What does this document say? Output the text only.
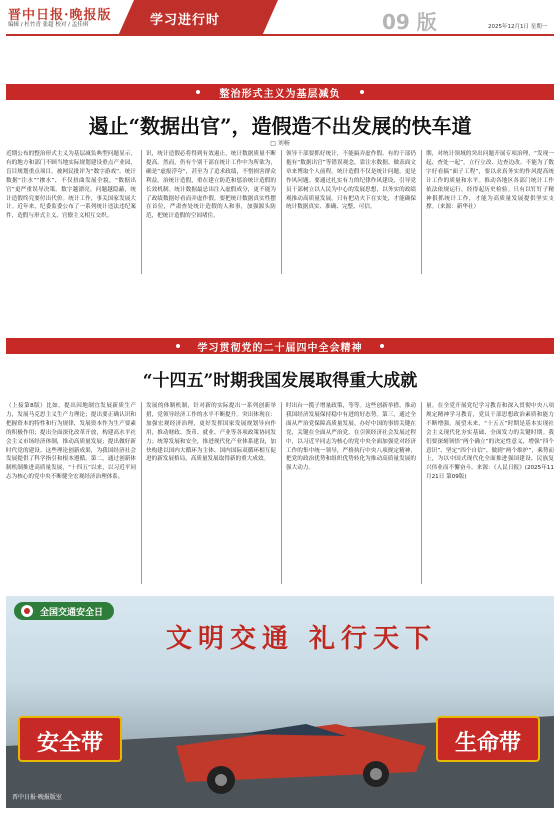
晋中日报·晚报版
编辑 / 杜竹青 张超 校对 / 孟佳琪	学习进行时	09 版	2025年12月1日 星期一
整治形式主义为基层减负
遏止“数据出官”，造假造不出发展的快车道
□ 刘畅
近期公布的整治形式主义为基层减负典型问题显示，有的地方和部门不顾当地实际规划建设重点产业园，盲目规划重点项目，被网民批评为“数字游戏”。统计数据“注水”“掺水”，不仅扭曲发展全貌，“数据出官”更严重误导决策。数字越漂亮，问题越隐蔽，统计造假终究要付出代价。统计工作，事关国家发展大计。近年来，纪委监委公布了一系列统计违法违纪案件，造假与形式主义、官僚主义相互交织。
识，统计造假必将得到有效遏止，统计数据质量不断提高。然而，仍有个别干部在统计工作中为所欲为，确是“虚报浮夸”，甚至为了追求政绩，不惜损害群众利益。治统计造假，重在建立防范和惩治统计造假的长效机制。统计数据最忌讳注入虚假成分，更不能为了政绩数据好看而弄虚作假。要把统计数据真实性摆在首位，严肃查处统计造假的人和事，加强源头防范，把统计造假的空间堵住。
领导干部要抓好统计，不能搞弄虚作假。有的干部仍抱有“数据出官”等错误观念，靠注水数据、做表面文章来博取个人前程。统计造假不仅是统计问题，更是作风问题。要通过扎实有力的纪律作风建设，引导党员干部树立以人民为中心的发展思想，以务实的政绩观推动高质量发展。只有把功夫下在实处，才能确保统计数据真实、准确、完整、可信。
期，对统计领域的突出问题开展专项治理，“发现一起、查处一起”，立行立改、边查边改。不能为了数字好看搞“面子工程”，要以求真务实的作风提高统计工作的质量和水平。推动各地区各部门统计工作依法依规运行，经得起历史检验。只有以钉钉子精神狠抓统计工作，才能为高质量发展提供坚实支撑。（来源：新华社）
学习贯彻党的二十届四中全会精神
“十四五”时期我国发展取得重大成就
（上接第8版）比如，提出因地制宜发展新质生产力，发展马克思主义生产力理论；提出要正确认识和把握资本的特性和行为规律，发展资本作为生产要素的积极作用；提出全面深化改革开放，构建高水平社会主义市场经济体制，推动高质量发展；提出做好新时代党的建设。这些理论创新成果，为我国经济社会发展提供了科学指引和根本遵循。第二，通过创新体制机制推进高质量发展，“十四五”以来，以习近平同志为核心的党中央不断健全宏观经济治理体系。
发展的体制机制，针对新的实际提出一系列创新举措，党领导经济工作的水平不断提升。突出体现在：加强宏观经济治理，更好发挥国家发展规划导向作用，推动财政、货币、就业、产业等各项政策协同发力；统筹发展和安全，推进现代化产业体系建设，加快构建以国内大循环为主体、国内国际双循环相互促进的新发展格局，高质量发展取得新的重大成效。
时出台一揽子增量政策，等等。这些创新举措，推动我国经济发展保持稳中有进的好态势。第三，通过全面从严治党保障高质量发展。办好中国的事情关键在党，关键在全面从严治党。在引领经济社会发展过程中，以习近平同志为核心的党中央全面加强党对经济工作的集中统一领导，严格执行中央八项规定精神，把党的政治优势和组织优势转化为推动高质量发展的强大动力。
量。在全党开展党纪学习教育和深入贯彻中央八项规定精神学习教育，党员干部思想政治素质和能力不断增强。展望未来，“十五五”时期是基本实现社会主义现代化夯实基础、全面发力的关键时期。我们要深刻领悟“两个确立”的决定性意义，增强“四个意识”、坚定“四个自信”、做到“两个维护”，乘势而上，为以中国式现代化全面推进强国建设、民族复兴伟业而不懈奋斗。来源：《人民日报》(2025年11月21日 第09版)
全国交通安全日
文明交通 礼行天下
安全带	生命带
晋中日报·晚报版室
